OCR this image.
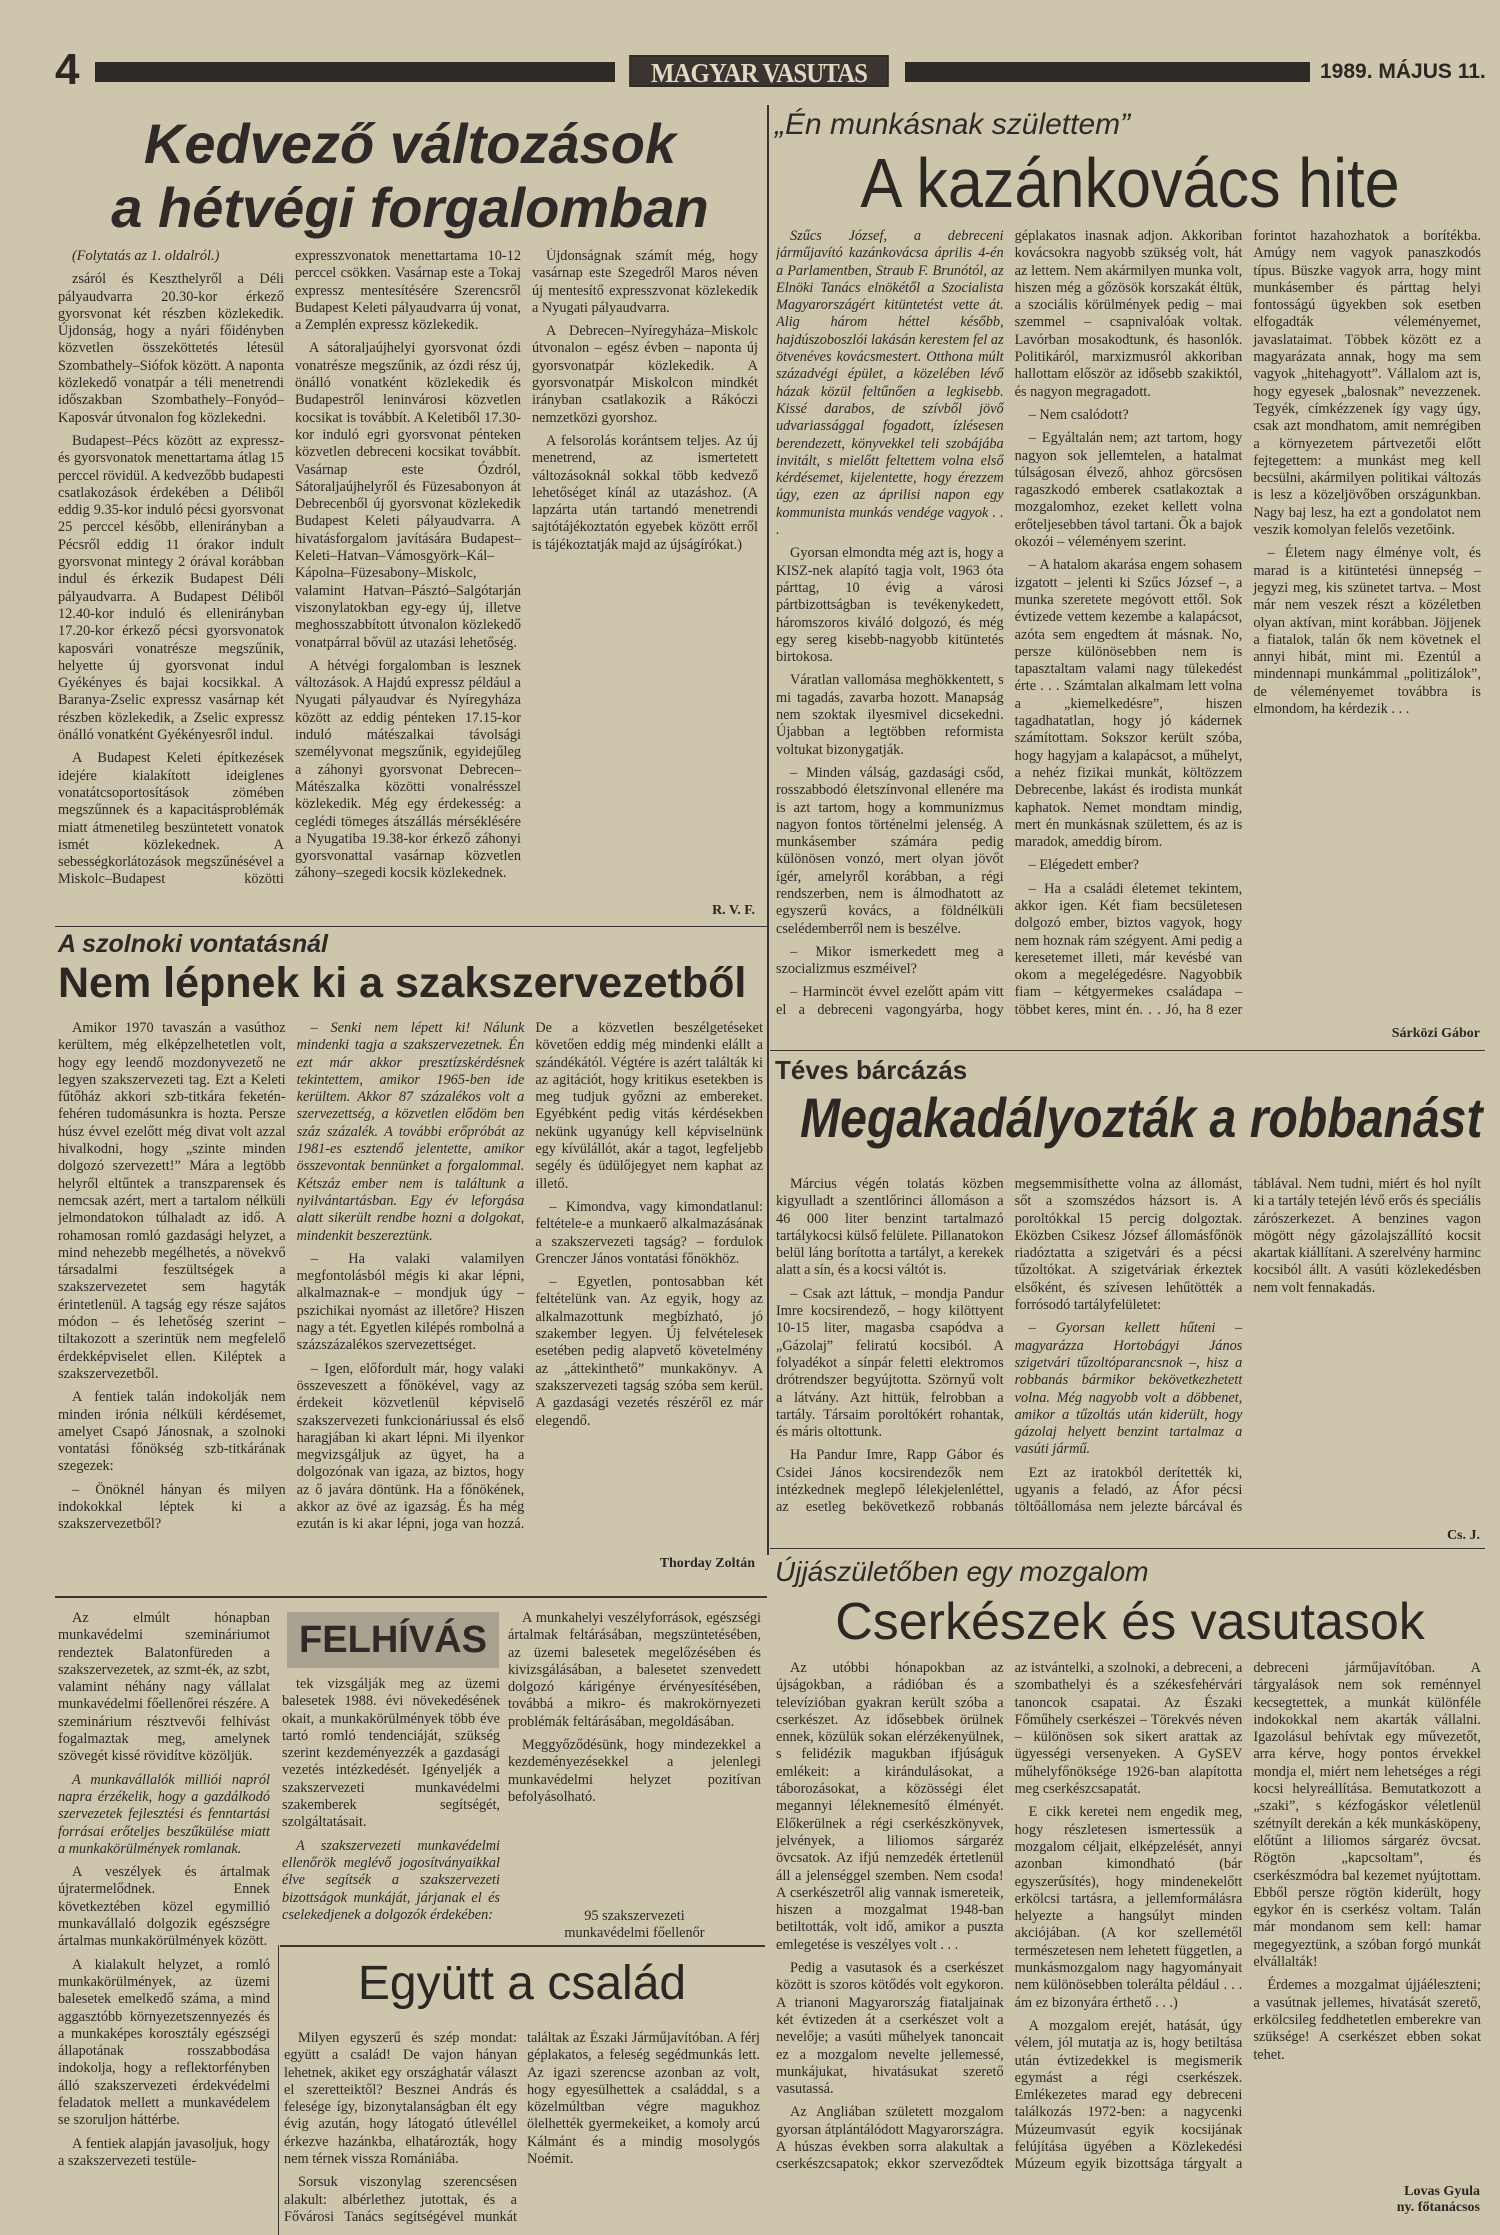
4	MAGYAR VASUTAS	1989. MÁJUS 11.
Kedvező változások
a hétvégi forgalomban

(Folytatás az 1. oldalról.)

zsáról és Keszthelyről a Déli pályaudvarra 20.30-kor érkező gyorsvonat két részben közlekedik. Újdonság, hogy a nyári főidényben közvetlen összeköttetés létesül Szombathely–Siófok között. A naponta közlekedő vonatpár a téli menetrendi időszakban Szombathely–Fonyód–Kaposvár útvonalon fog közlekedni.

Budapest–Pécs között az expressz- és gyorsvonatok menettartama átlag 15 perccel rövidül. A kedvezőbb budapesti csatlakozások érdekében a Déliből eddig 9.35-kor induló pécsi gyorsvonat 25 perccel később, ellenirányban a Pécsről eddig 11 órakor indult gyorsvonat mintegy 2 órával korábban indul és érkezik Budapest Déli pályaudvarra. A Budapest Déliből 12.40-kor induló és ellenirányban 17.20-kor érkező pécsi gyorsvonatok kaposvári vonatrésze megszűnik, helyette új gyorsvonat indul Gyékényes és bajai kocsikkal. A Baranya-Zselic expressz vasárnap két részben közlekedik, a Zselic expressz önálló vonatként Gyékényesről indul.

A Budapest Keleti építkezések idejére kialakított ideiglenes vonatátcsoportosítások zömében megszűnnek és a kapacitásproblémák miatt átmenetileg beszüntetett vonatok ismét közlekednek. A sebességkorlátozások megszűnésével a Miskolc–Budapest közötti expresszvonatok menettartama 10-12 perccel csökken. Vasárnap este a Tokaj expressz mentesítésére Szerencsről Budapest Keleti pályaudvarra új vonat, a Zemplén expressz közlekedik.

A sátoraljaújhelyi gyorsvonat ózdi vonatrésze megszűnik, az ózdi rész új, önálló vonatként közlekedik és Budapestről leninvárosi közvetlen kocsikat is továbbít. A Keletiből 17.30-kor induló egri gyorsvonat pénteken közvetlen debreceni kocsikat továbbít. Vasárnap este Ózdról, Sátoraljaújhelyről és Füzesabonyon át Debrecenből új gyorsvonat közlekedik Budapest Keleti pályaudvarra. A hivatásforgalom javítására Budapest–Keleti–Hatvan–Vámosgyörk–Kál–Kápolna–Füzesabony–Miskolc, valamint Hatvan–Pásztó–Salgótarján viszonylatokban egy-egy új, illetve meghosszabbított útvonalon közlekedő vonatpárral bővül az utazási lehetőség.

A hétvégi forgalomban is lesznek változások. A Hajdú expressz például a Nyugati pályaudvar és Nyíregyháza között az eddig pénteken 17.15-kor induló mátészalkai távolsági személyvonat megszűnik, egyidejűleg a záhonyi gyorsvonat Debrecen–Mátészalka közötti vonalrésszel közlekedik. Még egy érdekesség: a ceglédi tömeges átszállás mérséklésére a Nyugatiba 19.38-kor érkező záhonyi gyorsvonattal vasárnap közvetlen záhony–szegedi kocsik közlekednek.

Újdonságnak számít még, hogy vasárnap este Szegedről Maros néven új mentesítő expresszvonat közlekedik a Nyugati pályaudvarra.

A Debrecen–Nyíregyháza–Miskolc útvonalon – egész évben – naponta új gyorsvonatpár közlekedik. A gyorsvonatpár Miskolcon mindkét irányban csatlakozik a Rákóczi nemzetközi gyorshoz.

A felsorolás korántsem teljes. Az új menetrend, az ismertetett változásoknál sokkal több kedvező lehetőséget kínál az utazáshoz. (A lapzárta után tartandó menetrendi sajtótájékoztatón egyebek között erről is tájékoztatják majd az újságírókat.)

R. V. F.
„Én munkásnak születtem”
A kazánkovács hite

Szűcs József, a debreceni járműjavító kazánkovácsa április 4-én a Parlamentben, Straub F. Brunótól, az Elnöki Tanács elnökétől a Szocialista Magyarországért kitüntetést vette át. Alig három héttel később, hajdúszoboszlói lakásán kerestem fel az ötvenéves kovácsmestert. Otthona múlt századvégi épület, a közelében lévő házak közül feltűnően a legkisebb. Kissé darabos, de szívből jövő udvariassággal fogadott, ízlésesen berendezett, könyvekkel teli szobájába invitált, s mielőtt feltettem volna első kérdésemet, kijelentette, hogy érezzem úgy, ezen az áprilisi napon egy kommunista munkás vendége vagyok . . .

Gyorsan elmondta még azt is, hogy a KISZ-nek alapító tagja volt, 1963 óta párttag, 10 évig a városi pártbizottságban is tevékenykedett, háromszoros kiváló dolgozó, és még egy sereg kisebb-nagyobb kitüntetés birtokosa.

Váratlan vallomása meghökkentett, s mi tagadás, zavarba hozott. Manapság nem szoktak ilyesmivel dicsekedni. Újabban a legtöbben reformista voltukat bizonygatják.

– Minden válság, gazdasági csőd, rosszabbodó életszínvonal ellenére ma is azt tartom, hogy a kommunizmus nagyon fontos történelmi jelenség. A munkásember számára pedig különösen vonzó, mert olyan jövőt ígér, amelyről korábban, a régi rendszerben, nem is álmodhatott az egyszerű kovács, a földnélküli cselédemberről nem is beszélve.

– Mikor ismerkedett meg a szocializmus eszméivel?

– Harmincöt évvel ezelőtt apám vitt el a debreceni vagongyárba, hogy géplakatos inasnak adjon. Akkoriban kovácsokra nagyobb szükség volt, hát az lettem. Nem akármilyen munka volt, hiszen még a gőzösök korszakát éltük, a szociális körülmények pedig – mai szemmel – csapnivalóak voltak. Lavórban mosakodtunk, és hasonlók. Politikáról, marxizmusról akkoriban hallottam először az idősebb szakiktól, és nagyon megragadott.

– Nem csalódott?

– Egyáltalán nem; azt tartom, hogy nagyon sok jellemtelen, a hatalmat túlságosan élvező, ahhoz görcsösen ragaszkodó emberek csatlakoztak a mozgalomhoz, ezeket kellett volna erőteljesebben távol tartani. Ők a bajok okozói – véleményem szerint.

– A hatalom akarása engem sohasem izgatott – jelenti ki Szűcs József –, a munka szeretete megóvott ettől. Sok évtizede vettem kezembe a kalapácsot, azóta sem engedtem át másnak. No, persze különösebben nem is tapasztaltam valami nagy tülekedést érte . . . Számtalan alkalmam lett volna a „kiemelkedésre”, hiszen tagadhatatlan, hogy jó kádernek számítottam. Sokszor került szóba, hogy hagyjam a kalapácsot, a műhelyt, a nehéz fizikai munkát, költözzem Debrecenbe, lakást és irodista munkát kaphatok. Nemet mondtam mindig, mert én munkásnak születtem, és az is maradok, ameddig bírom.

– Elégedett ember?

– Ha a családi életemet tekintem, akkor igen. Két fiam becsületesen dolgozó ember, biztos vagyok, hogy nem hoznak rám szégyent. Ami pedig a keresetemet illeti, már kevésbé van okom a megelégedésre. Nagyobbik fiam – kétgyermekes családapa – többet keres, mint én. . . Jó, ha 8 ezer forintot hazahozhatok a borítékba. Amúgy nem vagyok panaszkodós típus. Büszke vagyok arra, hogy mint munkásember és párttag helyi fontosságú ügyekben sok esetben elfogadták véleményemet, javaslataimat. Többek között ez a magyarázata annak, hogy ma sem vagyok „hitehagyott”. Vállalom azt is, hogy egyesek „balosnak” nevezzenek. Tegyék, címkézzenek így vagy úgy, csak azt mondhatom, amit nemrégiben a környezetem pártvezetői előtt fejtegettem: a munkást meg kell becsülni, akármilyen politikai változás is lesz a közeljövőben országunkban. Nagy baj lesz, ha ezt a gondolatot nem veszik komolyan felelős vezetőink.

– Életem nagy élménye volt, és marad is a kitüntetési ünnepség – jegyzi meg, kis szünetet tartva. – Most már nem veszek részt a közéletben olyan aktívan, mint korábban. Jöjjenek a fiatalok, talán ők nem követnek el annyi hibát, mint mi. Ezentúl a mindennapi munkámmal „politizálok”, de véleményemet továbbra is elmondom, ha kérdezik . . .

Sárközi Gábor
A szolnoki vontatásnál
Nem lépnek ki a szakszervezetből

Amikor 1970 tavaszán a vasúthoz kerültem, még elképzelhetetlen volt, hogy egy leendő mozdonyvezető ne legyen szakszervezeti tag. Ezt a Keleti fűtőház akkori szb-titkára feketén-fehéren tudomásunkra is hozta. Persze húsz évvel ezelőtt még divat volt azzal hivalkodni, hogy „szinte minden dolgozó szervezett!” Mára a legtöbb helyről eltűntek a transzparensek és nemcsak azért, mert a tartalom nélküli jelmondatokon túlhaladt az idő. A rohamosan romló gazdasági helyzet, a mind nehezebb megélhetés, a növekvő társadalmi feszültségek a szakszervezetet sem hagyták érintetlenül. A tagság egy része sajátos módon – és lehetőség szerint – tiltakozott a szerintük nem megfelelő érdekképviselet ellen. Kiléptek a szakszervezetből.

A fentiek talán indokolják nem minden irónia nélküli kérdésemet, amelyet Csapó Jánosnak, a szolnoki vontatási főnökség szb-titkárának szegezek:

– Önöknél hányan és milyen indokokkal léptek ki a szakszervezetből?

– Senki nem lépett ki! Nálunk mindenki tagja a szakszervezetnek. Én ezt már akkor presztízskérdésnek tekintettem, amikor 1965-ben ide kerültem. Akkor 87 százalékos volt a szervezettség, a közvetlen elődöm ben száz százalék. A további erőpróbát az 1981-es esztendő jelentette, amikor összevontak bennünket a forgalommal. Kétszáz ember nem is találtunk a nyilvántartásban. Egy év leforgása alatt sikerült rendbe hozni a dolgokat, mindenkit beszereztünk.

– Ha valaki valamilyen megfontolásból mégis ki akar lépni, alkalmaznak-e – mondjuk úgy – pszichikai nyomást az illetőre? Hiszen nagy a tét. Egyetlen kilépés rombolná a százszázalékos szervezettséget.

– Igen, előfordult már, hogy valaki összeveszett a főnökével, vagy az érdekeit közvetlenül képviselő szakszervezeti funkcionáriussal és első haragjában ki akart lépni. Mi ilyenkor megvizsgáljuk az ügyet, ha a dolgozónak van igaza, az biztos, hogy az ő javára döntünk. Ha a főnökének, akkor az övé az igazság. És ha még ezután is ki akar lépni, joga van hozzá. De a közvetlen beszélgetéseket követően eddig még mindenki elállt a szándékától. Végtére is azért találták ki az agitációt, hogy kritikus esetekben is meg tudjuk győzni az embereket. Egyébként pedig vitás kérdésekben nekünk ugyanúgy kell képviselnünk egy kívülállót, akár a tagot, legfeljebb segély és üdülőjegyet nem kaphat az illető.

– Kimondva, vagy kimondatlanul: feltétele-e a munkaerő alkalmazásának a szakszervezeti tagság? – fordulok Grenczer János vontatási főnökhöz.

– Egyetlen, pontosabban két feltételünk van. Az egyik, hogy az alkalmazottunk megbízható, jó szakember legyen. Új felvételesek esetében pedig alapvető követelmény az „áttekinthető” munkakönyv. A szakszervezeti tagság szóba sem kerül. A gazdasági vezetés részéről ez már elegendő.

Thorday Zoltán
Téves bárcázás
Megakadályozták a robbanást

Március végén tolatás közben kigyulladt a szentlőrinci állomáson a 46 000 liter benzint tartalmazó tartálykocsi külső felülete. Pillanatokon belül láng borította a tartályt, a kerekek alatt a sín, és a kocsi váltót is.

– Csak azt láttuk, – mondja Pandur Imre kocsirendező, – hogy kilöttyent 10-15 liter, magasba csapódva a „Gázolaj” feliratú kocsiból. A folyadékot a sínpár feletti elektromos drótrendszer begyújtotta. Szörnyű volt a látvány. Azt hittük, felrobban a tartály. Társaim poroltókért rohantak, és máris oltottunk.

Ha Pandur Imre, Rapp Gábor és Csidei János kocsirendezők nem intézkednek meglepő lélekjelenléttel, az esetleg bekövetkező robbanás megsemmisíthette volna az állomást, sőt a szomszédos házsort is. A poroltókkal 15 percig dolgoztak. Eközben Csikesz József állomásfőnök riadóztatta a szigetvári és a pécsi tűzoltókat. A szigetváriak érkeztek elsőként, és szívesen lehűtötték a forrósodó tartályfelületet:

– Gyorsan kellett hűteni – magyarázza Hortobágyi János szigetvári tűzoltóparancsnok –, hisz a robbanás bármikor bekövetkezhetett volna. Még nagyobb volt a döbbenet, amikor a tűzoltás után kiderült, hogy gázolaj helyett benzint tartalmaz a vasúti jármű.

Ezt az iratokból derítették ki, ugyanis a feladó, az Áfor pécsi töltőállomása nem jelezte bárcával és táblával. Nem tudni, miért és hol nyílt ki a tartály tetején lévő erős és speciális zárószerkezet. A benzines vagon mögött négy gázolajszállító kocsit akartak kiállítani. A szerelvény harminc kocsiból állt. A vasúti közlekedésben nem volt fennakadás.

Cs. J.
Újjászületőben egy mozgalom
Cserkészek és vasutasok

Az utóbbi hónapokban az újságokban, a rádióban és a televízióban gyakran került szóba a cserkészet. Az idősebbek örülnek ennek, közülük sokan elérzékenyülnek, s felidézik magukban ifjúságuk emlékeit: a kirándulásokat, a táborozásokat, a közösségi élet megannyi léleknemesítő élményét. Előkerülnek a régi cserkészkönyvek, jelvények, a liliomos sárgaréz övcsatok. Az ifjú nemzedék értetlenül áll a jelenséggel szemben. Nem csoda! A cserkészetről alig vannak ismereteik, hiszen a mozgalmat 1948-ban betiltották, volt idő, amikor a puszta emlegetése is veszélyes volt . . .

Pedig a vasutasok és a cserkészet között is szoros kötődés volt egykoron. A trianoni Magyarország fiataljainak két évtizeden át a cserkészet volt a nevelője; a vasúti műhelyek tanoncait ez a mozgalom nevelte jellemessé, munkájukat, hivatásukat szerető vasutassá.

Az Angliában született mozgalom gyorsan átplántálódott Magyarországra. A húszas években sorra alakultak a cserkészcsapatok; ekkor szerveződtek az istvántelki, a szolnoki, a debreceni, a szombathelyi és a székesfehérvári tanoncok csapatai. Az Északi Főműhely cserkészei – Törekvés néven – különösen sok sikert arattak az ügyességi versenyeken. A GySEV műhelyfőnöksége 1926-ban alapította meg cserkészcsapatát.

E cikk keretei nem engedik meg, hogy részletesen ismertessük a mozgalom céljait, elképzelését, annyi azonban kimondható (bár egyszerűsítés), hogy mindenekelőtt erkölcsi tartásra, a jellemformálásra helyezte a hangsúlyt minden akciójában. (A kor szellemétől természetesen nem lehetett független, a munkásmozgalom nagy hagyományait nem különösebben tolerálta például . . . ám ez bizonyára érthető . . .)

A mozgalom erejét, hatását, úgy vélem, jól mutatja az is, hogy betiltása után évtizedekkel is megismerik egymást a régi cserkészek. Emlékezetes marad egy debreceni találkozás 1972-ben: a nagycenki Múzeumvasút egyik kocsijának felújítása ügyében a Közlekedési Múzeum egyik bizottsága tárgyalt a debreceni járműjavítóban. A tárgyalások nem sok reménnyel kecsegtettek, a munkát különféle indokokkal nem akarták vállalni. Igazolásul behívtak egy művezetőt, arra kérve, hogy pontos érvekkel mondja el, miért nem lehetséges a régi kocsi helyreállítása. Bemutatkozott a „szaki”, s kézfogáskor véletlenül szétnyílt derekán a kék munkásköpeny, előtűnt a liliomos sárgaréz övcsat. Rögtön „kapcsoltam”, és cserkészmódra bal kezemet nyújtottam. Ebből persze rögtön kiderült, hogy egykor én is cserkész voltam. Talán már mondanom sem kell: hamar megegyeztünk, a szóban forgó munkát elvállalták!

Érdemes a mozgalmat újjáéleszteni; a vasútnak jellemes, hivatását szerető, erkölcsileg feddhetetlen emberekre van szüksége! A cserkészet ebben sokat tehet.

Lovas Gyula
ny. főtanácsos

Az elmúlt hónapban munkavédelmi szemináriumot rendeztek Balatonfüreden a szakszervezetek, az szmt-ék, az szbt, valamint néhány nagy vállalat munkavédelmi főellenőrei részére. A szeminárium résztvevői felhívást fogalmaztak meg, amelynek szövegét kissé rövidítve közöljük.

A munkavállalók milliói napról napra érzékelik, hogy a gazdálkodó szervezetek fejlesztési és fenntartási forrásai erőteljes beszűkülése miatt a munkakörülmények romlanak.

A veszélyek és ártalmak újratermelődnek. Ennek következtében közel egymillió munkavállaló dolgozik egészségre ártalmas munkakörülmények között.

A kialakult helyzet, a romló munkakörülmények, az üzemi balesetek emelkedő száma, a mind aggasztóbb környezetszennyezés és a munkaképes korosztály egészségi állapotának rosszabbodása indokolja, hogy a reflektorfényben álló szakszervezeti érdekvédelmi feladatok mellett a munkavédelem se szoruljon háttérbe.

A fentiek alapján javasoljuk, hogy a szakszervezeti testüle-

FELHÍVÁS

tek vizsgálják meg az üzemi balesetek 1988. évi növekedésének okait, a munkakörülmények több éve tartó romló tendenciáját, szükség szerint kezdeményezzék a gazdasági vezetés intézkedését. Igényeljék a szakszervezeti munkavédelmi szakemberek segítségét, szolgáltatásait.

A szakszervezeti munkavédelmi ellenőrök meglévő jogosítványaikkal élve segítsék a szakszervezeti bizottságok munkáját, járjanak el és cselekedjenek a dolgozók érdekében:

A munkahelyi veszélyforrások, egészségi ártalmak feltárásában, megszüntetésében, az üzemi balesetek megelőzésében és kivizsgálásában, a balesetet szenvedett dolgozó kárigénye érvényesítésében, továbbá a mikro- és makrokörnyezeti problémák feltárásában, megoldásában.

Meggyőződésünk, hogy mindezekkel a kezdeményezésekkel a jelenlegi munkavédelmi helyzet pozitívan befolyásolható.

95 szakszervezeti
munkavédelmi főellenőr
Együtt a család

Milyen egyszerű és szép mondat: együtt a család! De vajon hányan lehetnek, akiket egy országhatár választ el szeretteiktől? Besznei András és felesége így, bizonytalanságban élt egy évig azután, hogy látogató útlevéllel érkezve hazánkba, elhatározták, hogy nem térnek vissza Romániába.

Sorsuk viszonylag szerencsésen alakult: albérlethez jutottak, és a Fővárosi Tanács segítségével munkát találtak az Északi Járműjavítóban. A férj géplakatos, a feleség segédmunkás lett. Az igazi szerencse azonban az volt, hogy egyesülhettek a családdal, s a közelmúltban végre magukhoz ölelhették gyermekeiket, a komoly arcú Kálmánt és a mindig mosolygós Noémit.
